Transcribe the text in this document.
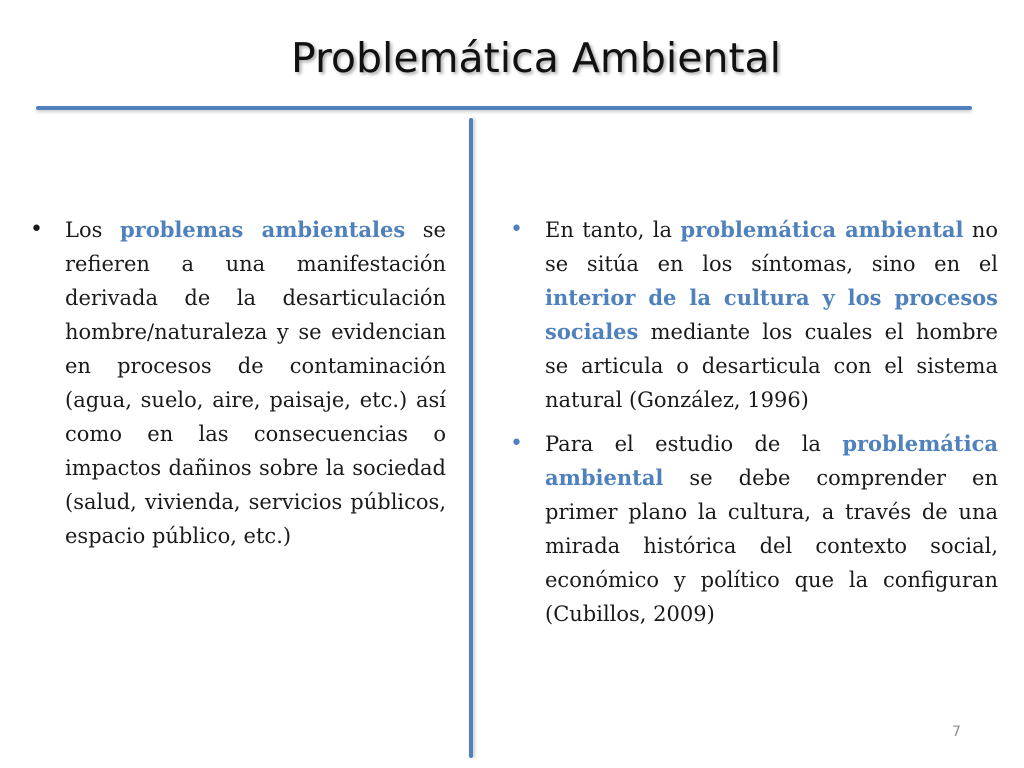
Problemática Ambiental

• Los problemas ambientales se refieren a una manifestación derivada de la desarticulación hombre/naturaleza y se evidencian en procesos de contaminación (agua, suelo, aire, paisaje, etc.) así como en las consecuencias o impactos dañinos sobre la sociedad (salud, vivienda, servicios públicos, espacio público, etc.)

• En tanto, la problemática ambiental no se sitúa en los síntomas, sino en el interior de la cultura y los procesos sociales mediante los cuales el hombre se articula o desarticula con el sistema natural (González, 1996)

• Para el estudio de la problemática ambiental se debe comprender en primer plano la cultura, a través de una mirada histórica del contexto social, económico y político que la configuran (Cubillos, 2009)

7
